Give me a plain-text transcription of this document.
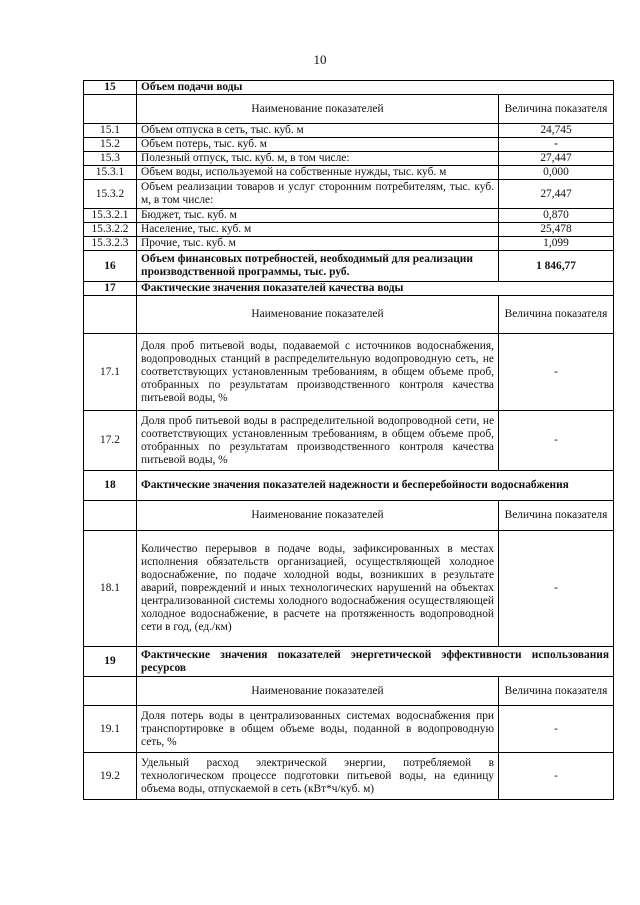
10
15	Объем подачи воды	
	Наименование показателей	Величина показателя
15.1	Объем отпуска в сеть, тыс. куб. м	24,745
15.2	Объем потерь, тыс. куб. м	-
15.3	Полезный отпуск, тыс. куб. м, в том числе:	27,447
15.3.1	Объем воды, используемой на собственные нужды, тыс. куб. м	0,000
15.3.2	Объем реализации товаров и услуг сторонним потребителям, тыс. куб. м, в том числе:	27,447
15.3.2.1	Бюджет, тыс. куб. м	0,870
15.3.2.2	Население, тыс. куб. м	25,478
15.3.2.3	Прочие, тыс. куб. м	1,099
16	Объем финансовых потребностей, необходимый для реализации производственной программы, тыс. руб.	1 846,77
17	Фактические значения показателей качества воды	
	Наименование показателей	Величина показателя
17.1	Доля проб питьевой воды, подаваемой с источников водоснабжения, водопроводных станций в распределительную водопроводную сеть, не соответствующих установленным требованиям, в общем объеме проб, отобранных по результатам производственного контроля качества питьевой воды, %	-
17.2	Доля проб питьевой воды в распределительной водопроводной сети, не соответствующих установленным требованиям, в общем объеме проб, отобранных по результатам производственного контроля качества питьевой воды, %	-
18	Фактические значения показателей надежности и бесперебойности водоснабжения	
	Наименование показателей	Величина показателя
18.1	Количество перерывов в подаче воды, зафиксированных в местах исполнения обязательств организацией, осуществляющей холодное водоснабжение, по подаче холодной воды, возникших в результате аварий, повреждений и иных технологических нарушений на объектах централизованной системы холодного водоснабжения осуществляющей холодное водоснабжение, в расчете на протяженность водопроводной сети в год, (ед./км)	-
19	Фактические значения показателей энергетической эффективности использования ресурсов	
	Наименование показателей	Величина показателя
19.1	Доля потерь воды в централизованных системах водоснабжения при транспортировке в общем объеме воды, поданной в водопроводную сеть, %	-
19.2	Удельный расход электрической энергии, потребляемой в технологическом процессе подготовки питьевой воды, на единицу объема воды, отпускаемой в сеть (кВт*ч/куб. м)	-
